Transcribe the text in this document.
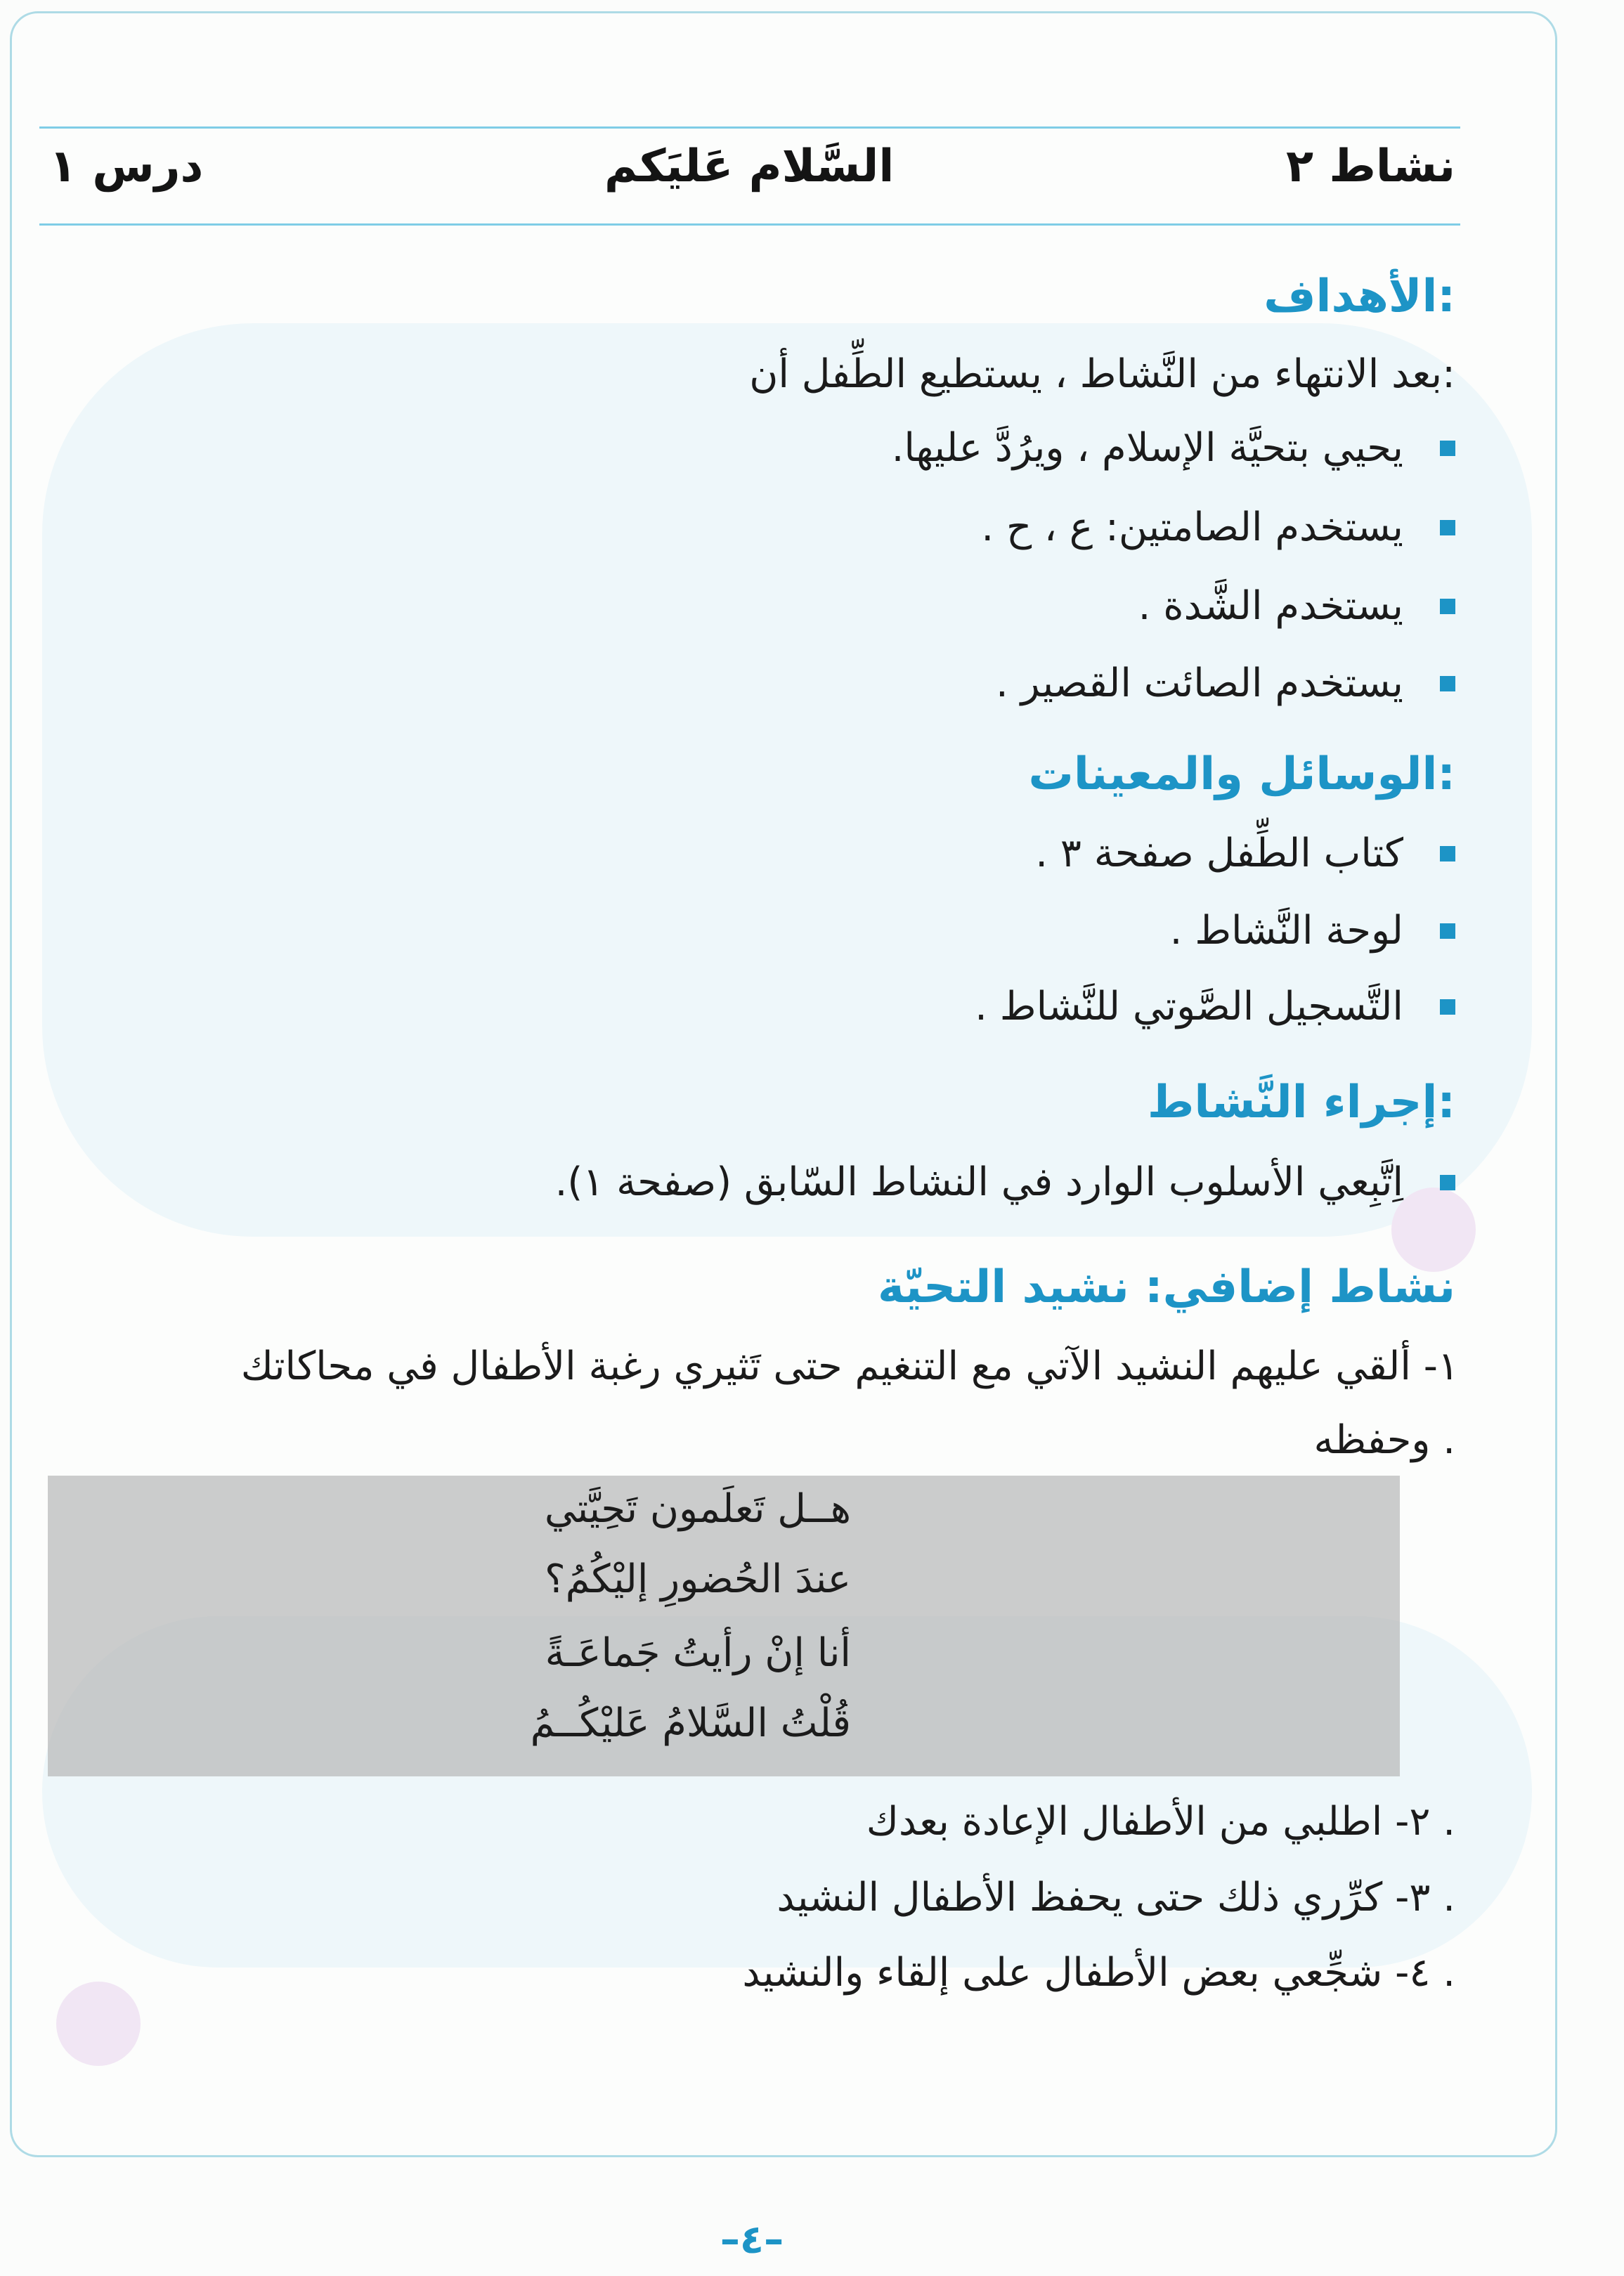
نشاط ٢
السَّلام عَليَكم
درس ١
الأهداف:
بعد الانتهاء من النَّشاط ، يستطيع الطِّفل أن:
يحيي بتحيَّة الإسلام ، ويرُدَّ عليها.
يستخدم الصامتين: ع ، ح .
يستخدم الشَّدة .
يستخدم الصائت القصير .
الوسائل والمعينات:
كتاب الطِّفل صفحة ٣ .
لوحة النَّشاط .
التَّسجيل الصَّوتي للنَّشاط .
إجراء النَّشاط:
اِتَّبِعي الأسلوب الوارد في النشاط السّابق (صفحة ١).
نشاط إضافي: نشيد التحيّة
١- ألقي عليهم النشيد الآتي مع التنغيم حتى تَثيري رغبة الأطفال في محاكاتك
وحفظه .
هــل تَعلَمون تَحِيَّتي
عندَ الحُضورِ إليْكُمُ؟
أنا إنْ رأيتُ جَماعَـةً
قُلْتُ السَّلامُ عَليْكُــمُ
٢- اطلبي من الأطفال الإعادة بعدك .
٣- كرِّري ذلك حتى يحفظ الأطفال النشيد .
٤- شجِّعي بعض الأطفال على إلقاء والنشيد .
–٤–
